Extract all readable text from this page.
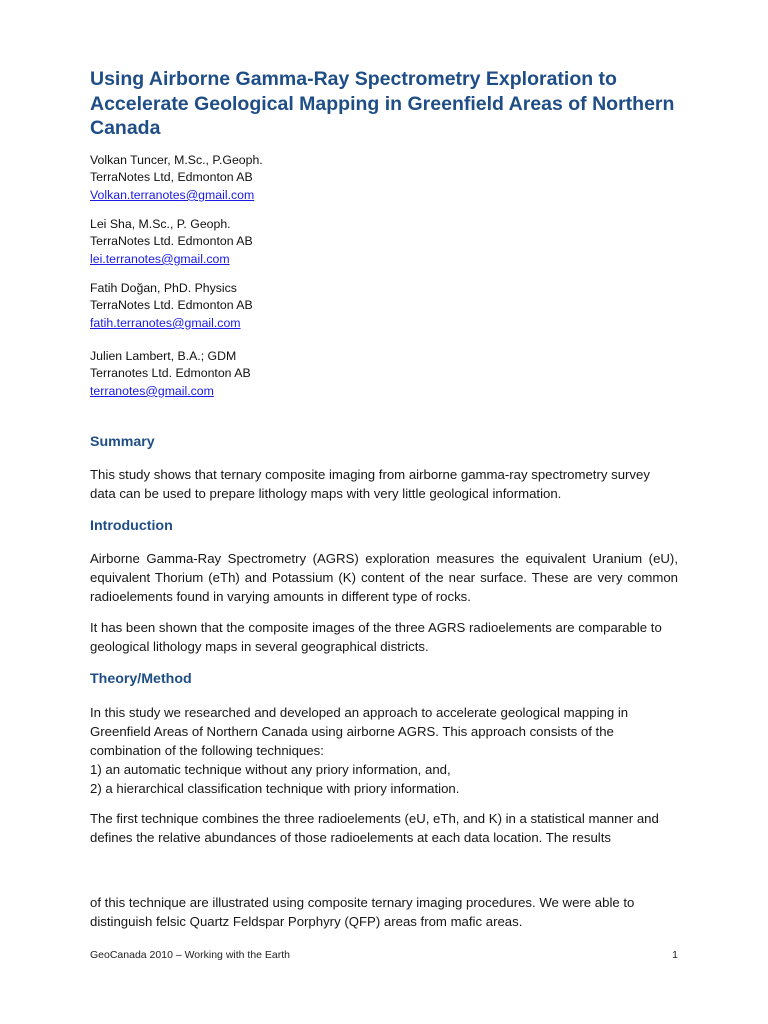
Using Airborne Gamma-Ray Spectrometry Exploration to Accelerate Geological Mapping in Greenfield Areas of Northern Canada
Volkan Tuncer, M.Sc., P.Geoph.
TerraNotes Ltd, Edmonton AB
Volkan.terranotes@gmail.com
Lei Sha, M.Sc., P. Geoph.
TerraNotes Ltd. Edmonton AB
lei.terranotes@gmail.com
Fatih Doğan, PhD. Physics
TerraNotes Ltd. Edmonton AB
fatih.terranotes@gmail.com
Julien Lambert, B.A.; GDM
Terranotes Ltd. Edmonton AB
terranotes@gmail.com
Summary

This study shows that ternary composite imaging from airborne gamma-ray spectrometry survey data can be used to prepare lithology maps with very little geological information.

Introduction

Airborne Gamma-Ray Spectrometry (AGRS) exploration measures the equivalent Uranium (eU), equivalent Thorium (eTh) and Potassium (K) content of the near surface. These are very common radioelements found in varying amounts in different type of rocks.

It has been shown that the composite images of the three AGRS radioelements are comparable to geological lithology maps in several geographical districts.

Theory/Method
In this study we researched and developed an approach to accelerate geological mapping in
Greenfield Areas of Northern Canada using airborne AGRS. This approach consists of the
combination of the following techniques:
1) an automatic technique without any priory information, and,
2) a hierarchical classification technique with priory information.

The first technique combines the three radioelements (eU, eTh, and K) in a statistical manner and defines the relative abundances of those radioelements at each data location. The results

of this technique are illustrated using composite ternary imaging procedures. We were able to distinguish felsic Quartz Feldspar Porphyry (QFP) areas from mafic areas.

GeoCanada 2010 – Working with the Earth	1
